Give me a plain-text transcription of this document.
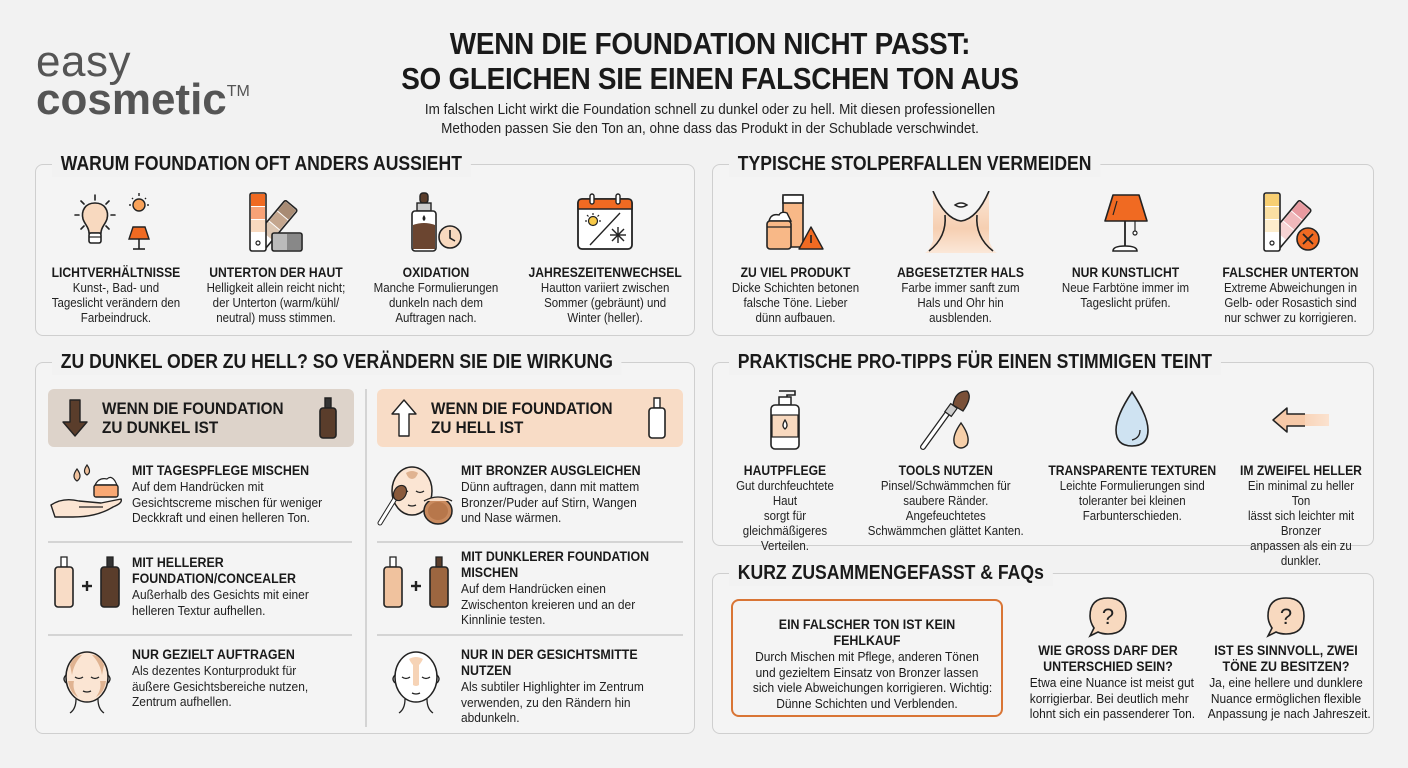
easy
cosmetic™
WENN DIE FOUNDATION NICHT PASST:
SO GLEICHEN SIE EINEN FALSCHEN TON AUS

Im falschen Licht wirkt die Foundation schnell zu dunkel oder zu hell. Mit diesen professionellen
Methoden passen Sie den Ton an, ohne dass das Produkt in der Schublade verschwindet.

WARUM FOUNDATION OFT ANDERS AUSSIEHT
LICHTVERHÄLTNISSE
Kunst-, Bad- und
Tageslicht verändern den
Farbeindruck.
UNTERTON DER HAUT
Helligkeit allein reicht nicht;
der Unterton (warm/kühl/
neutral) muss stimmen.
OXIDATION
Manche Formulierungen
dunkeln nach dem
Auftragen nach.
JAHRESZEITENWECHSEL
Hautton variiert zwischen
Sommer (gebräunt) und
Winter (heller).
TYPISCHE STOLPERFALLEN VERMEIDEN
ZU VIEL PRODUKT
Dicke Schichten betonen
falsche Töne. Lieber
dünn aufbauen.
ABGESETZTER HALS
Farbe immer sanft zum
Hals und Ohr hin
ausblenden.
NUR KUNSTLICHT
Neue Farbtöne immer im
Tageslicht prüfen.
FALSCHER UNTERTON
Extreme Abweichungen in
Gelb- oder Rosastich sind
nur schwer zu korrigieren.
ZU DUNKEL ODER ZU HELL? SO VERÄNDERN SIE DIE WIRKUNG
WENN DIE FOUNDATION
ZU DUNKEL IST
WENN DIE FOUNDATION
ZU HELL IST
MIT TAGESPFLEGE MISCHEN
Auf dem Handrücken mit
Gesichtscreme mischen für weniger
Deckkraft und einen helleren Ton.
MIT HELLERER
FOUNDATION/CONCEALER
Außerhalb des Gesichts mit einer
helleren Textur aufhellen.
NUR GEZIELT AUFTRAGEN
Als dezentes Konturprodukt für
äußere Gesichtsbereiche nutzen,
Zentrum aufhellen.
MIT BRONZER AUSGLEICHEN
Dünn auftragen, dann mit mattem
Bronzer/Puder auf Stirn, Wangen
und Nase wärmen.
MIT DUNKLERER FOUNDATION
MISCHEN
Auf dem Handrücken einen
Zwischenton kreieren und an der
Kinnlinie testen.
NUR IN DER GESICHTSMITTE
NUTZEN
Als subtiler Highlighter im Zentrum
verwenden, zu den Rändern hin
abdunkeln.
PRAKTISCHE PRO-TIPPS FÜR EINEN STIMMIGEN TEINT
HAUTPFLEGE
Gut durchfeuchtete Haut
sorgt für gleichmäßigeres
Verteilen.
TOOLS NUTZEN
Pinsel/Schwämmchen für
saubere Ränder.
Angefeuchtetes
Schwämmchen glättet Kanten.
TRANSPARENTE TEXTUREN
Leichte Formulierungen sind
toleranter bei kleinen
Farbunterschieden.
IM ZWEIFEL HELLER
Ein minimal zu heller Ton
lässt sich leichter mit Bronzer
anpassen als ein zu dunkler.
KURZ ZUSAMMENGEFASST & FAQs
EIN FALSCHER TON IST KEIN FEHLKAUF
Durch Mischen mit Pflege, anderen Tönen
und gezieltem Einsatz von Bronzer lassen
sich viele Abweichungen korrigieren. Wichtig:
Dünne Schichten und Verblenden.
?
WIE GROSS DARF DER
UNTERSCHIED SEIN?
Etwa eine Nuance ist meist gut
korrigierbar. Bei deutlich mehr
lohnt sich ein passenderer Ton.
?
IST ES SINNVOLL, ZWEI
TÖNE ZU BESITZEN?
Ja, eine hellere und dunklere
Nuance ermöglichen flexible
Anpassung je nach Jahreszeit.
